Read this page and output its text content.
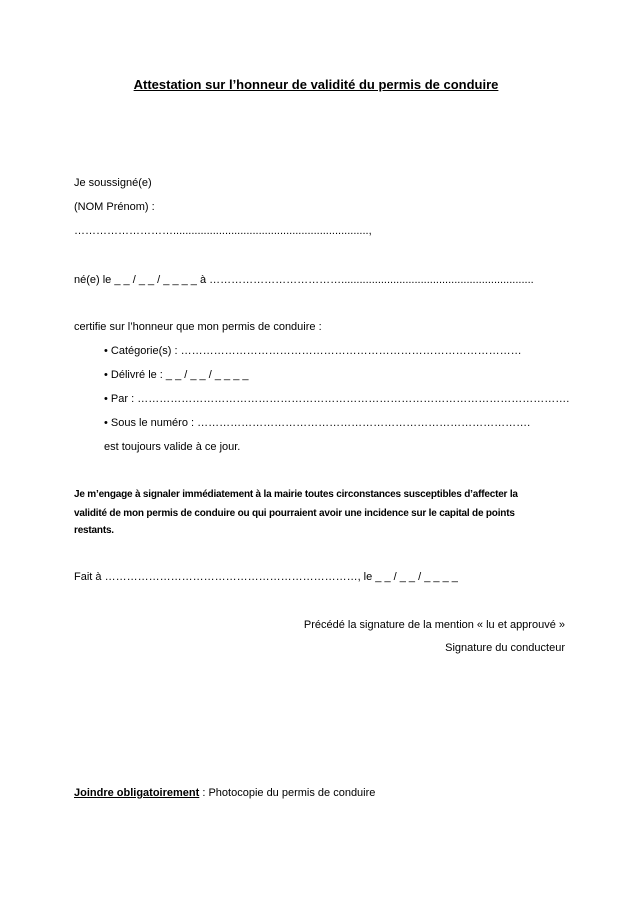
Attestation sur l’honneur de validité du permis de conduire
Je soussigné(e)
(NOM Prénom) :
………………………................................................................,
né(e) le _ _ / _ _ / _ _ _ _ à ………………………………...............................................................
certifie sur l’honneur que mon permis de conduire :
• Catégorie(s) : …………………………………………………………………………………
• Délivré le : _ _ / _ _ / _ _ _ _
• Par : ……………………………………………………………………………………………………….
• Sous le numéro : ……………………………………………………………………………….
est toujours valide à ce jour.
Je m’engage à signaler immédiatement à la mairie toutes circonstances susceptibles d’affecter la
validité de mon permis de conduire ou qui pourraient avoir une incidence sur le capital de points
restants.
Fait à ……………………………………………………………, le _ _ / _ _ / _ _ _ _
Précédé la signature de la mention « lu et approuvé »
Signature du conducteur
Joindre obligatoirement : Photocopie du permis de conduire
